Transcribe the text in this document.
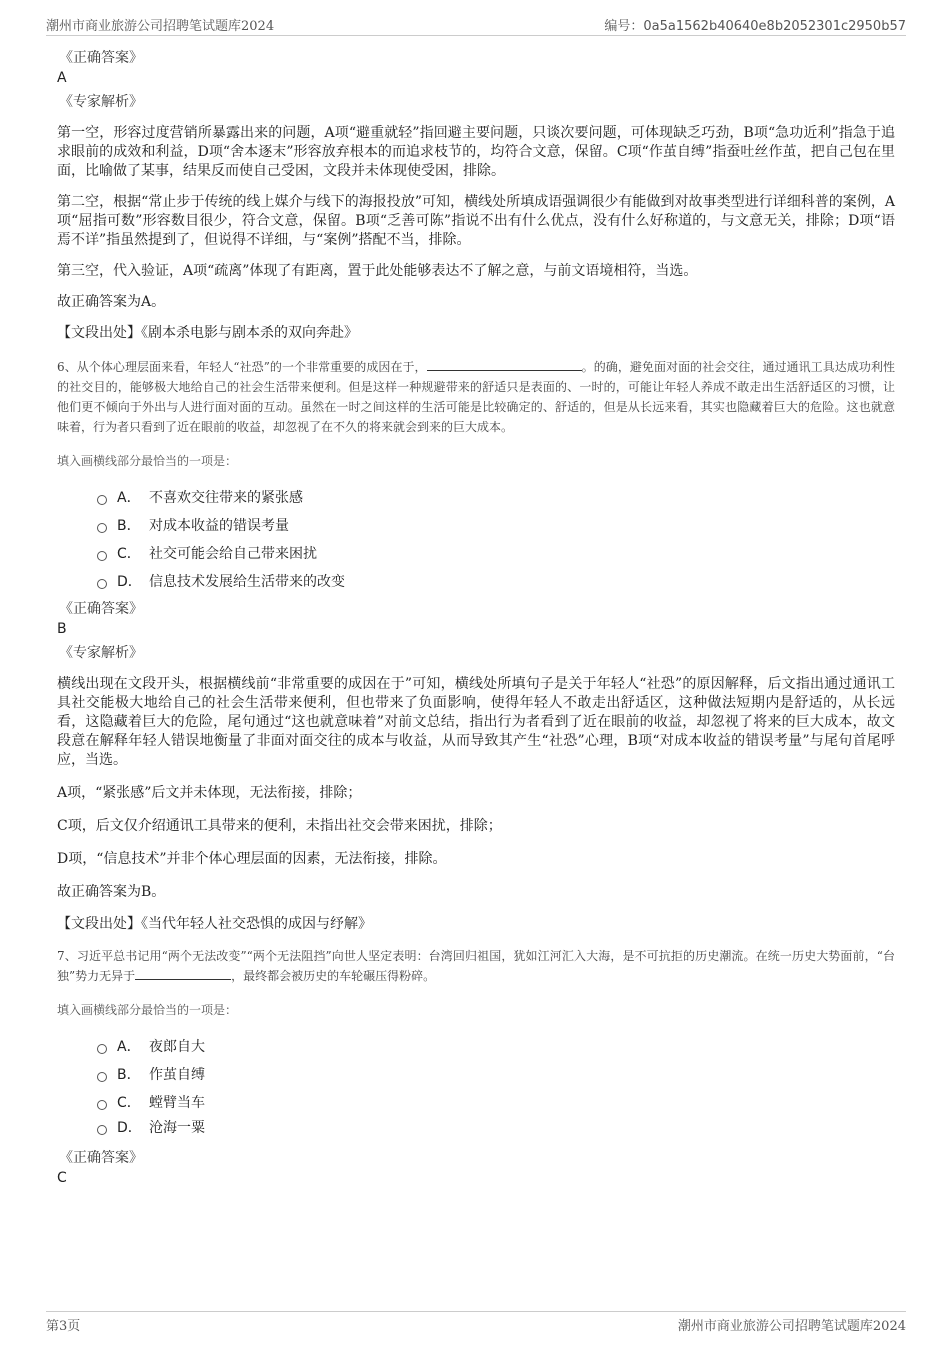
潮州市商业旅游公司招聘笔试题库2024	编号：0a5a1562b40640e8b2052301c2950b57
《正确答案》
A
《专家解析》

第一空，形容过度营销所暴露出来的问题，A项“避重就轻”指回避主要问题，只谈次要问题，可体现缺乏巧劲，B项“急功近利”指急于追求眼前的成效和利益，D项“舍本逐末”形容放弃根本的而追求枝节的，均符合文意，保留。C项“作茧自缚”指蚕吐丝作茧，把自己包在里面，比喻做了某事，结果反而使自己受困，文段并未体现使受困，排除。

第二空，根据“常止步于传统的线上媒介与线下的海报投放”可知，横线处所填成语强调很少有能做到对故事类型进行详细科普的案例，A项“屈指可数”形容数目很少，符合文意，保留。B项“乏善可陈”指说不出有什么优点，没有什么好称道的，与文意无关，排除；D项“语焉不详”指虽然提到了，但说得不详细，与“案例”搭配不当，排除。

第三空，代入验证，A项“疏离”体现了有距离，置于此处能够表达不了解之意，与前文语境相符，当选。

故正确答案为A。

【文段出处】《剧本杀电影与剧本杀的双向奔赴》

6、从个体心理层面来看，年轻人“社恐”的一个非常重要的成因在于，	。的确，避免面对面的社会交往，通过通讯工具达成功利性的社交目的，能够极大地给自己的社会生活带来便利。但是这样一种规避带来的舒适只是表面的、一时的，可能让年轻人养成不敢走出生活舒适区的习惯，让他们更不倾向于外出与人进行面对面的互动。虽然在一时之间这样的生活可能是比较确定的、舒适的，但是从长远来看，其实也隐藏着巨大的危险。这也就意味着，行为者只看到了近在眼前的收益，却忽视了在不久的将来就会到来的巨大成本。

填入画横线部分最恰当的一项是：
A． 不喜欢交往带来的紧张感
B． 对成本收益的错误考量
C． 社交可能会给自己带来困扰
D． 信息技术发展给生活带来的改变
《正确答案》
B
《专家解析》

横线出现在文段开头，根据横线前“非常重要的成因在于”可知，横线处所填句子是关于年轻人“社恐”的原因解释，后文指出通过通讯工具社交能极大地给自己的社会生活带来便利，但也带来了负面影响，使得年轻人不敢走出舒适区，这种做法短期内是舒适的，从长远看，这隐藏着巨大的危险，尾句通过“这也就意味着”对前文总结，指出行为者看到了近在眼前的收益，却忽视了将来的巨大成本，故文段意在解释年轻人错误地衡量了非面对面交往的成本与收益，从而导致其产生“社恐”心理，B项“对成本收益的错误考量”与尾句首尾呼应，当选。

A项，“紧张感”后文并未体现，无法衔接，排除；

C项，后文仅介绍通讯工具带来的便利，未指出社交会带来困扰，排除；

D项，“信息技术”并非个体心理层面的因素，无法衔接，排除。

故正确答案为B。

【文段出处】《当代年轻人社交恐惧的成因与纾解》

7、习近平总书记用“两个无法改变”“两个无法阻挡”向世人坚定表明：台湾回归祖国，犹如江河汇入大海，是不可抗拒的历史潮流。在统一历史大势面前，“台独”势力无异于	，最终都会被历史的车轮碾压得粉碎。

填入画横线部分最恰当的一项是：
A． 夜郎自大
B． 作茧自缚
C． 螳臂当车
D． 沧海一粟
《正确答案》
C
第3页	潮州市商业旅游公司招聘笔试题库2024
